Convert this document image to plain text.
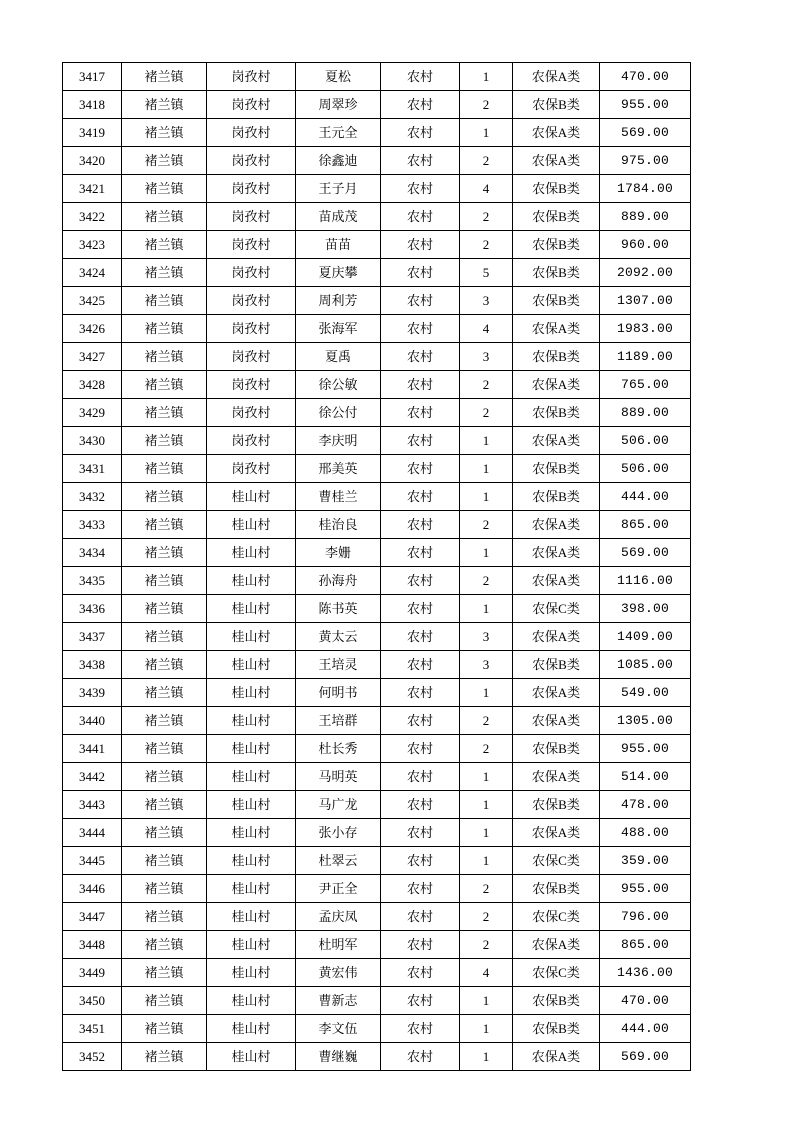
3417	褚兰镇	岗孜村	夏松	农村	1	农保A类	470.00
3418	褚兰镇	岗孜村	周翠珍	农村	2	农保B类	955.00
3419	褚兰镇	岗孜村	王元全	农村	1	农保A类	569.00
3420	褚兰镇	岗孜村	徐鑫迪	农村	2	农保A类	975.00
3421	褚兰镇	岗孜村	王子月	农村	4	农保B类	1784.00
3422	褚兰镇	岗孜村	苗成茂	农村	2	农保B类	889.00
3423	褚兰镇	岗孜村	苗苗	农村	2	农保B类	960.00
3424	褚兰镇	岗孜村	夏庆攀	农村	5	农保B类	2092.00
3425	褚兰镇	岗孜村	周利芳	农村	3	农保B类	1307.00
3426	褚兰镇	岗孜村	张海军	农村	4	农保A类	1983.00
3427	褚兰镇	岗孜村	夏禹	农村	3	农保B类	1189.00
3428	褚兰镇	岗孜村	徐公敏	农村	2	农保A类	765.00
3429	褚兰镇	岗孜村	徐公付	农村	2	农保B类	889.00
3430	褚兰镇	岗孜村	李庆明	农村	1	农保A类	506.00
3431	褚兰镇	岗孜村	邢美英	农村	1	农保B类	506.00
3432	褚兰镇	桂山村	曹桂兰	农村	1	农保B类	444.00
3433	褚兰镇	桂山村	桂治良	农村	2	农保A类	865.00
3434	褚兰镇	桂山村	李姗	农村	1	农保A类	569.00
3435	褚兰镇	桂山村	孙海舟	农村	2	农保A类	1116.00
3436	褚兰镇	桂山村	陈书英	农村	1	农保C类	398.00
3437	褚兰镇	桂山村	黄太云	农村	3	农保A类	1409.00
3438	褚兰镇	桂山村	王培灵	农村	3	农保B类	1085.00
3439	褚兰镇	桂山村	何明书	农村	1	农保A类	549.00
3440	褚兰镇	桂山村	王培群	农村	2	农保A类	1305.00
3441	褚兰镇	桂山村	杜长秀	农村	2	农保B类	955.00
3442	褚兰镇	桂山村	马明英	农村	1	农保A类	514.00
3443	褚兰镇	桂山村	马广龙	农村	1	农保B类	478.00
3444	褚兰镇	桂山村	张小存	农村	1	农保A类	488.00
3445	褚兰镇	桂山村	杜翠云	农村	1	农保C类	359.00
3446	褚兰镇	桂山村	尹正全	农村	2	农保B类	955.00
3447	褚兰镇	桂山村	孟庆凤	农村	2	农保C类	796.00
3448	褚兰镇	桂山村	杜明军	农村	2	农保A类	865.00
3449	褚兰镇	桂山村	黄宏伟	农村	4	农保C类	1436.00
3450	褚兰镇	桂山村	曹新志	农村	1	农保B类	470.00
3451	褚兰镇	桂山村	李文伍	农村	1	农保B类	444.00
3452	褚兰镇	桂山村	曹继巍	农村	1	农保A类	569.00
